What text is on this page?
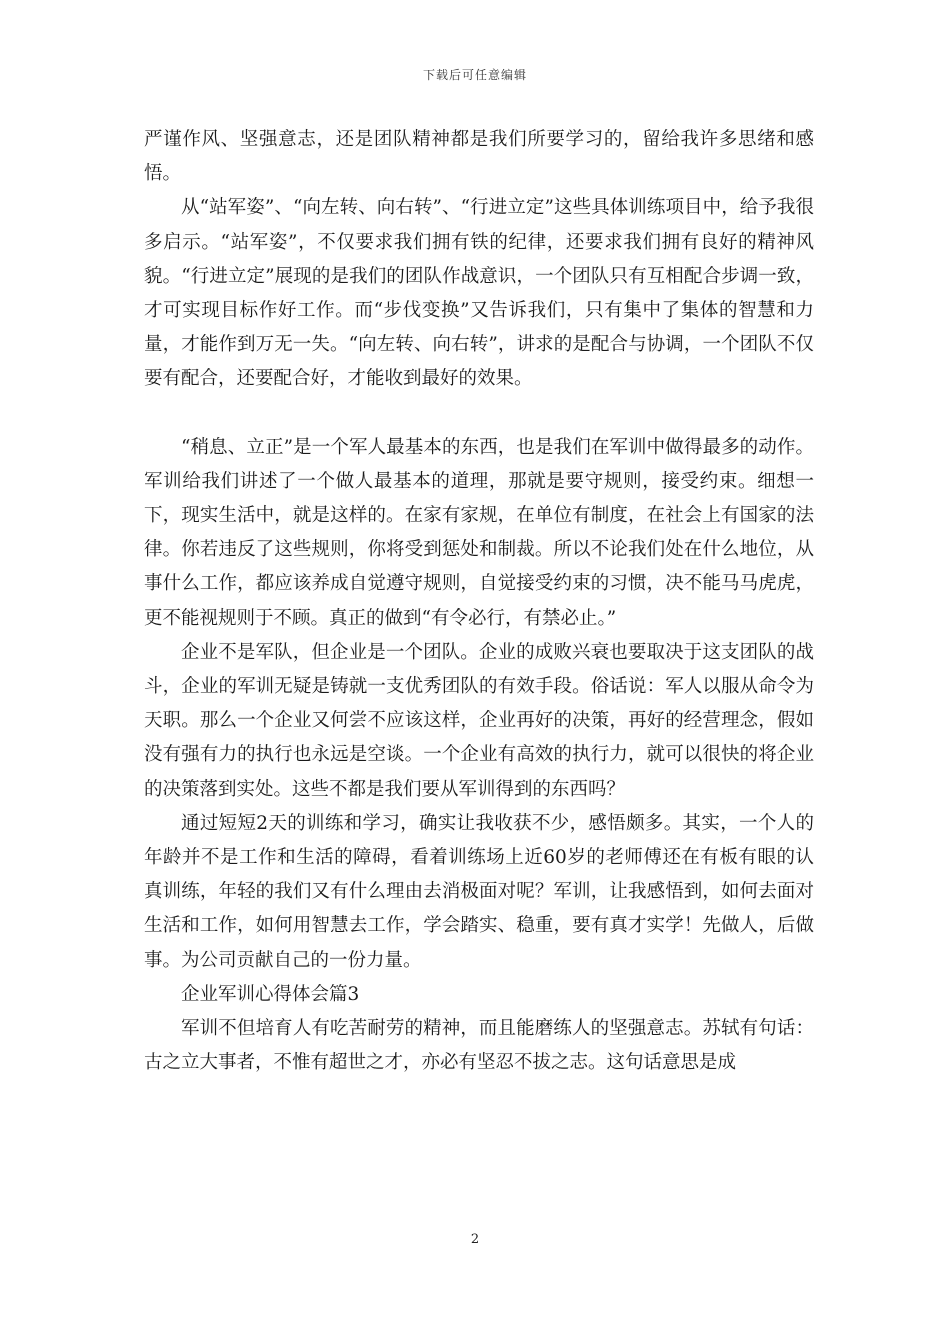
下载后可任意编辑

严谨作风、坚强意志，还是团队精神都是我们所要学习的，留给我许多思绪和感悟。

从“站军姿”、“向左转、向右转”、“行进立定”这些具体训练项目中，给予我很多启示。“站军姿”，不仅要求我们拥有铁的纪律，还要求我们拥有良好的精神风貌。“行进立定”展现的是我们的团队作战意识，一个团队只有互相配合步调一致，才可实现目标作好工作。而“步伐变换”又告诉我们，只有集中了集体的智慧和力量，才能作到万无一失。“向左转、向右转”，讲求的是配合与协调，一个团队不仅要有配合，还要配合好，才能收到最好的效果。

“稍息、立正”是一个军人最基本的东西，也是我们在军训中做得最多的动作。军训给我们讲述了一个做人最基本的道理，那就是要守规则，接受约束。细想一下，现实生活中，就是这样的。在家有家规，在单位有制度，在社会上有国家的法律。你若违反了这些规则，你将受到惩处和制裁。所以不论我们处在什么地位，从事什么工作，都应该养成自觉遵守规则，自觉接受约束的习惯，决不能马马虎虎，更不能视规则于不顾。真正的做到“有令必行，有禁必止。”

企业不是军队，但企业是一个团队。企业的成败兴衰也要取决于这支团队的战斗，企业的军训无疑是铸就一支优秀团队的有效手段。俗话说：军人以服从命令为天职。那么一个企业又何尝不应该这样，企业再好的决策，再好的经营理念，假如没有强有力的执行也永远是空谈。一个企业有高效的执行力，就可以很快的将企业的决策落到实处。这些不都是我们要从军训得到的东西吗？

通过短短2天的训练和学习，确实让我收获不少，感悟颇多。其实，一个人的年龄并不是工作和生活的障碍，看着训练场上近60岁的老师傅还在有板有眼的认真训练，年轻的我们又有什么理由去消极面对呢？军训，让我感悟到，如何去面对生活和工作，如何用智慧去工作，学会踏实、稳重，要有真才实学！先做人，后做事。为公司贡献自己的一份力量。

企业军训心得体会篇3

军训不但培育人有吃苦耐劳的精神，而且能磨练人的坚强意志。苏轼有句话：古之立大事者，不惟有超世之才，亦必有坚忍不拔之志。这句话意思是成

2
